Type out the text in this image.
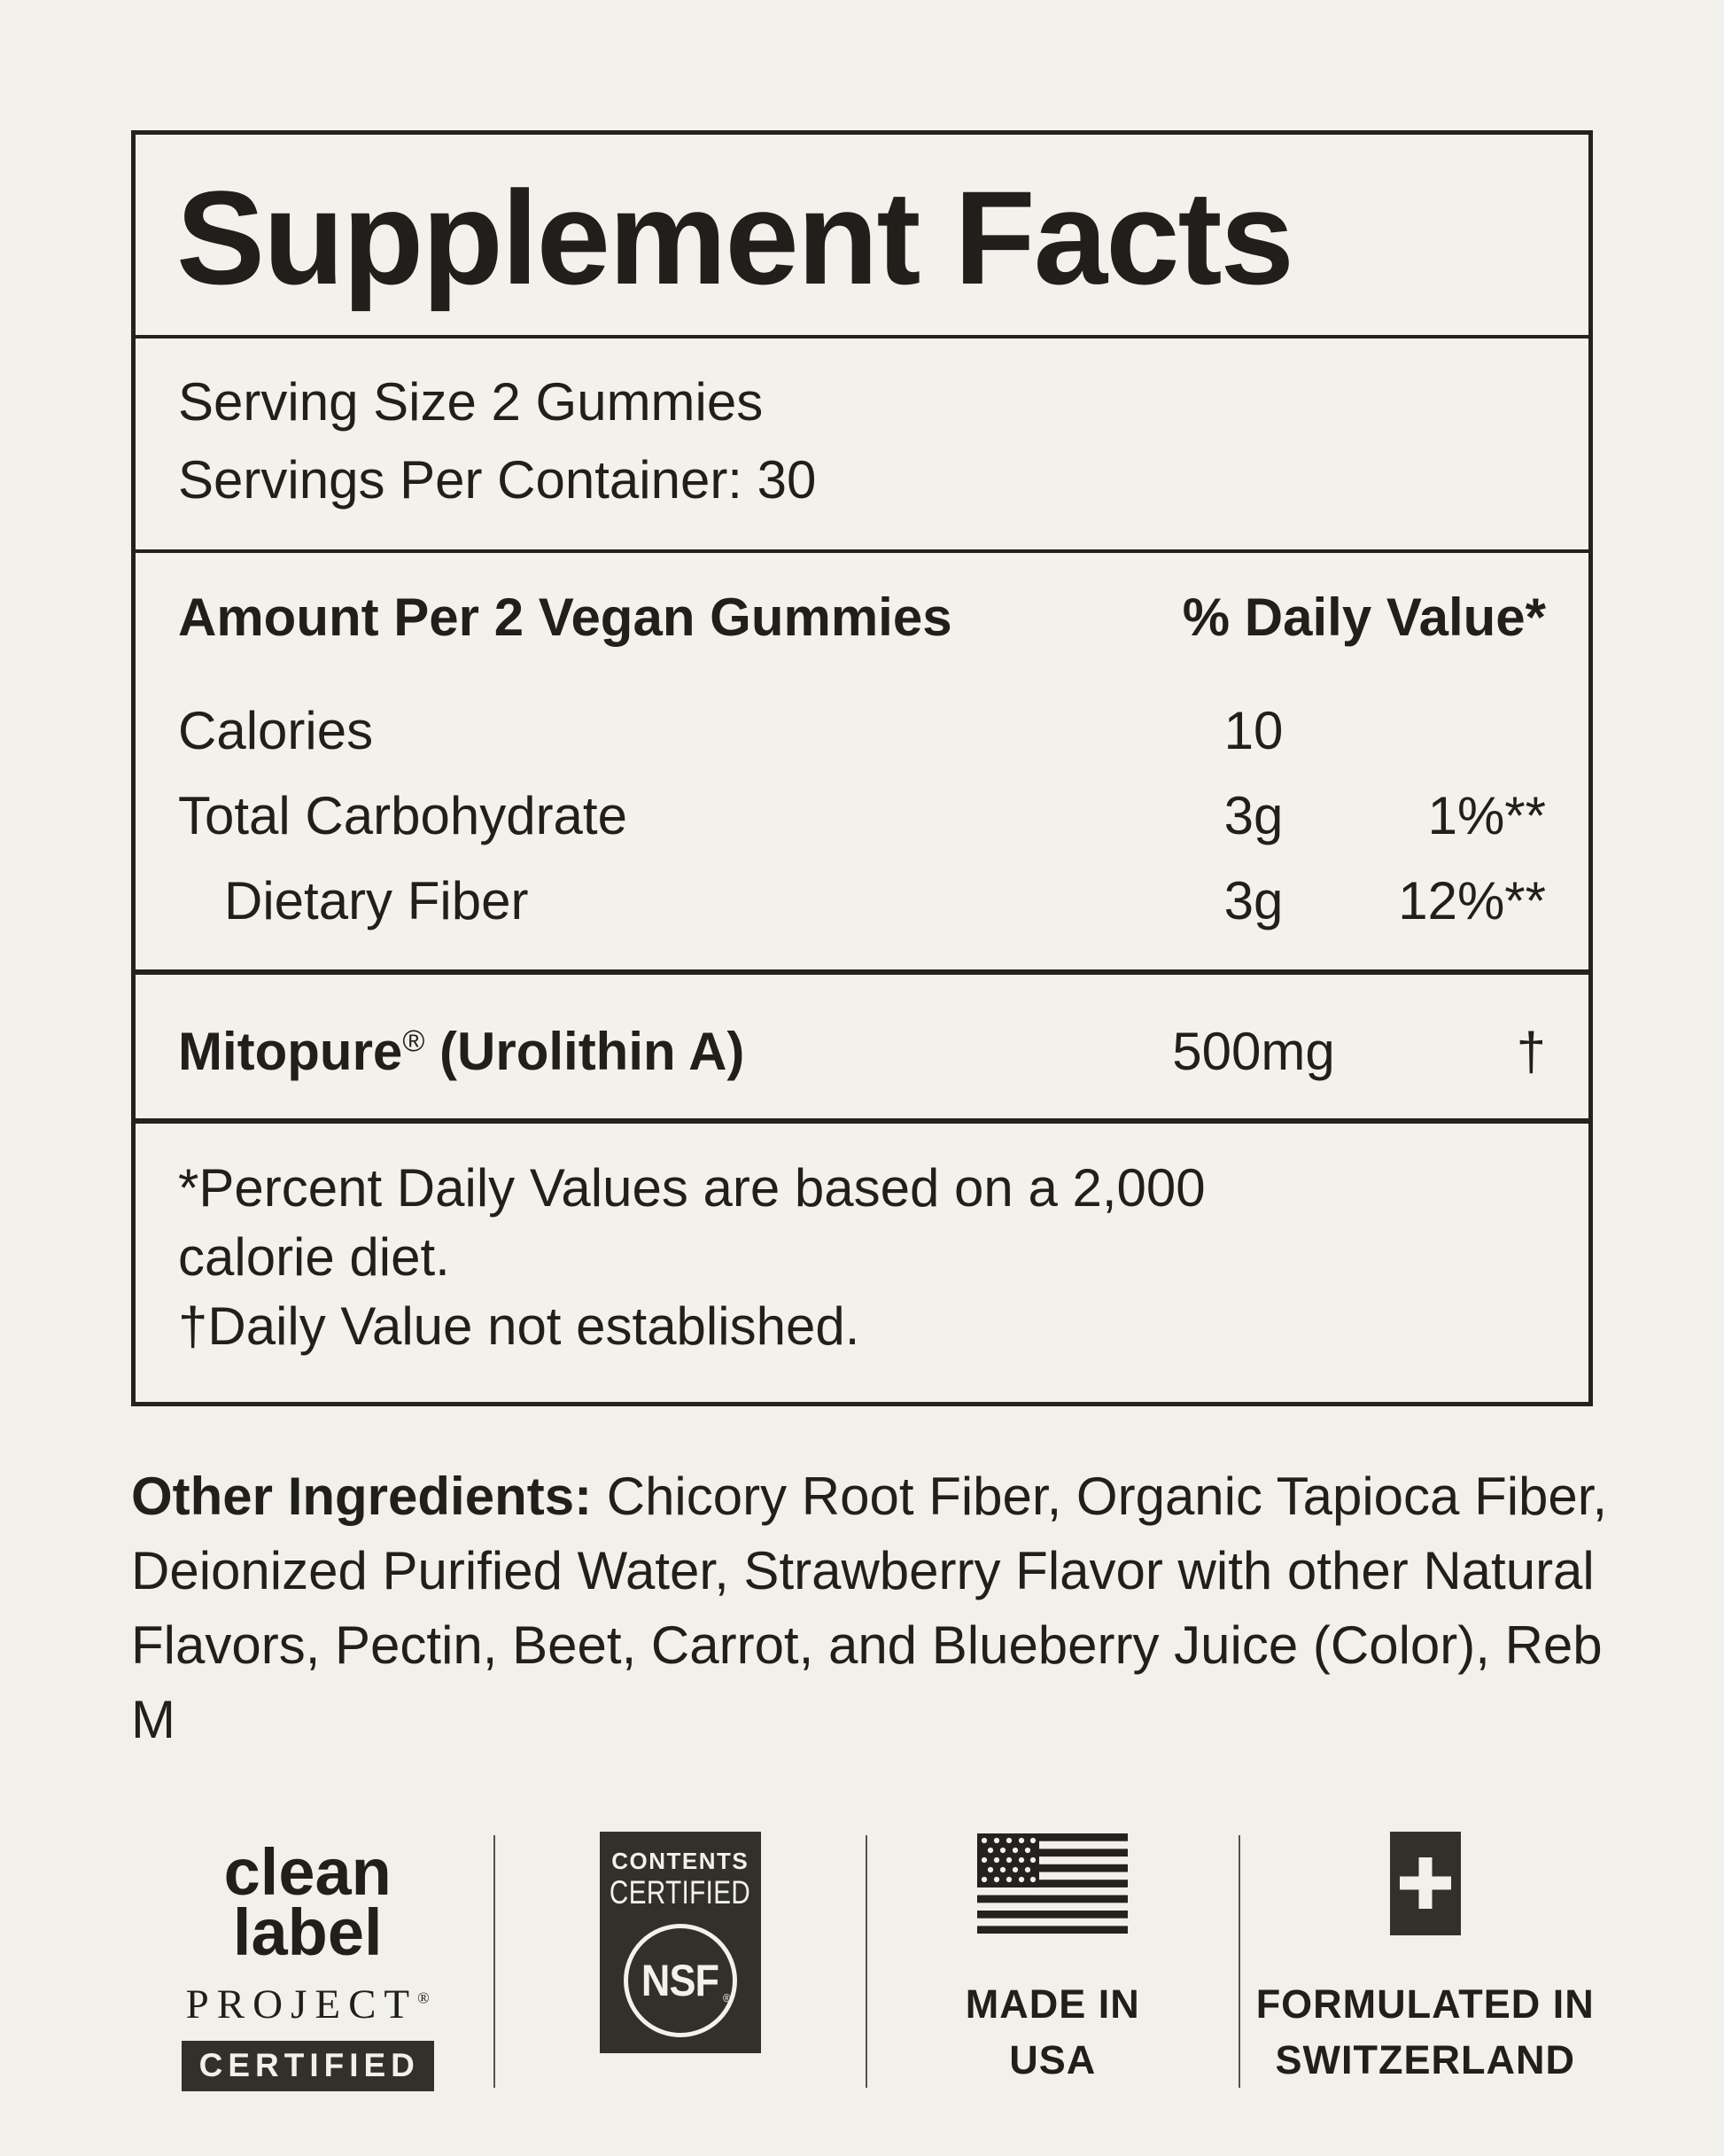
Supplement Facts
Serving Size 2 Gummies
Servings Per Container: 30
Amount Per 2 Vegan Gummies	% Daily Value*
Calories	10
Total Carbohydrate	3g	1%**
Dietary Fiber	3g	12%**
Mitopure® (Urolithin A)	500mg	†
*Percent Daily Values are based on a 2,000
calorie diet.
†Daily Value not established.

Other Ingredients: Chicory Root Fiber, Organic Tapioca Fiber, Deionized Purified Water, Strawberry Flavor with other Natural Flavors, Pectin, Beet, Carrot, and Blueberry Juice (Color), Reb M

clean
label
PROJECT®
CERTIFIED
CONTENTS
CERTIFIED
NSF ®	MADE IN
USA
FORMULATED IN
SWITZERLAND
